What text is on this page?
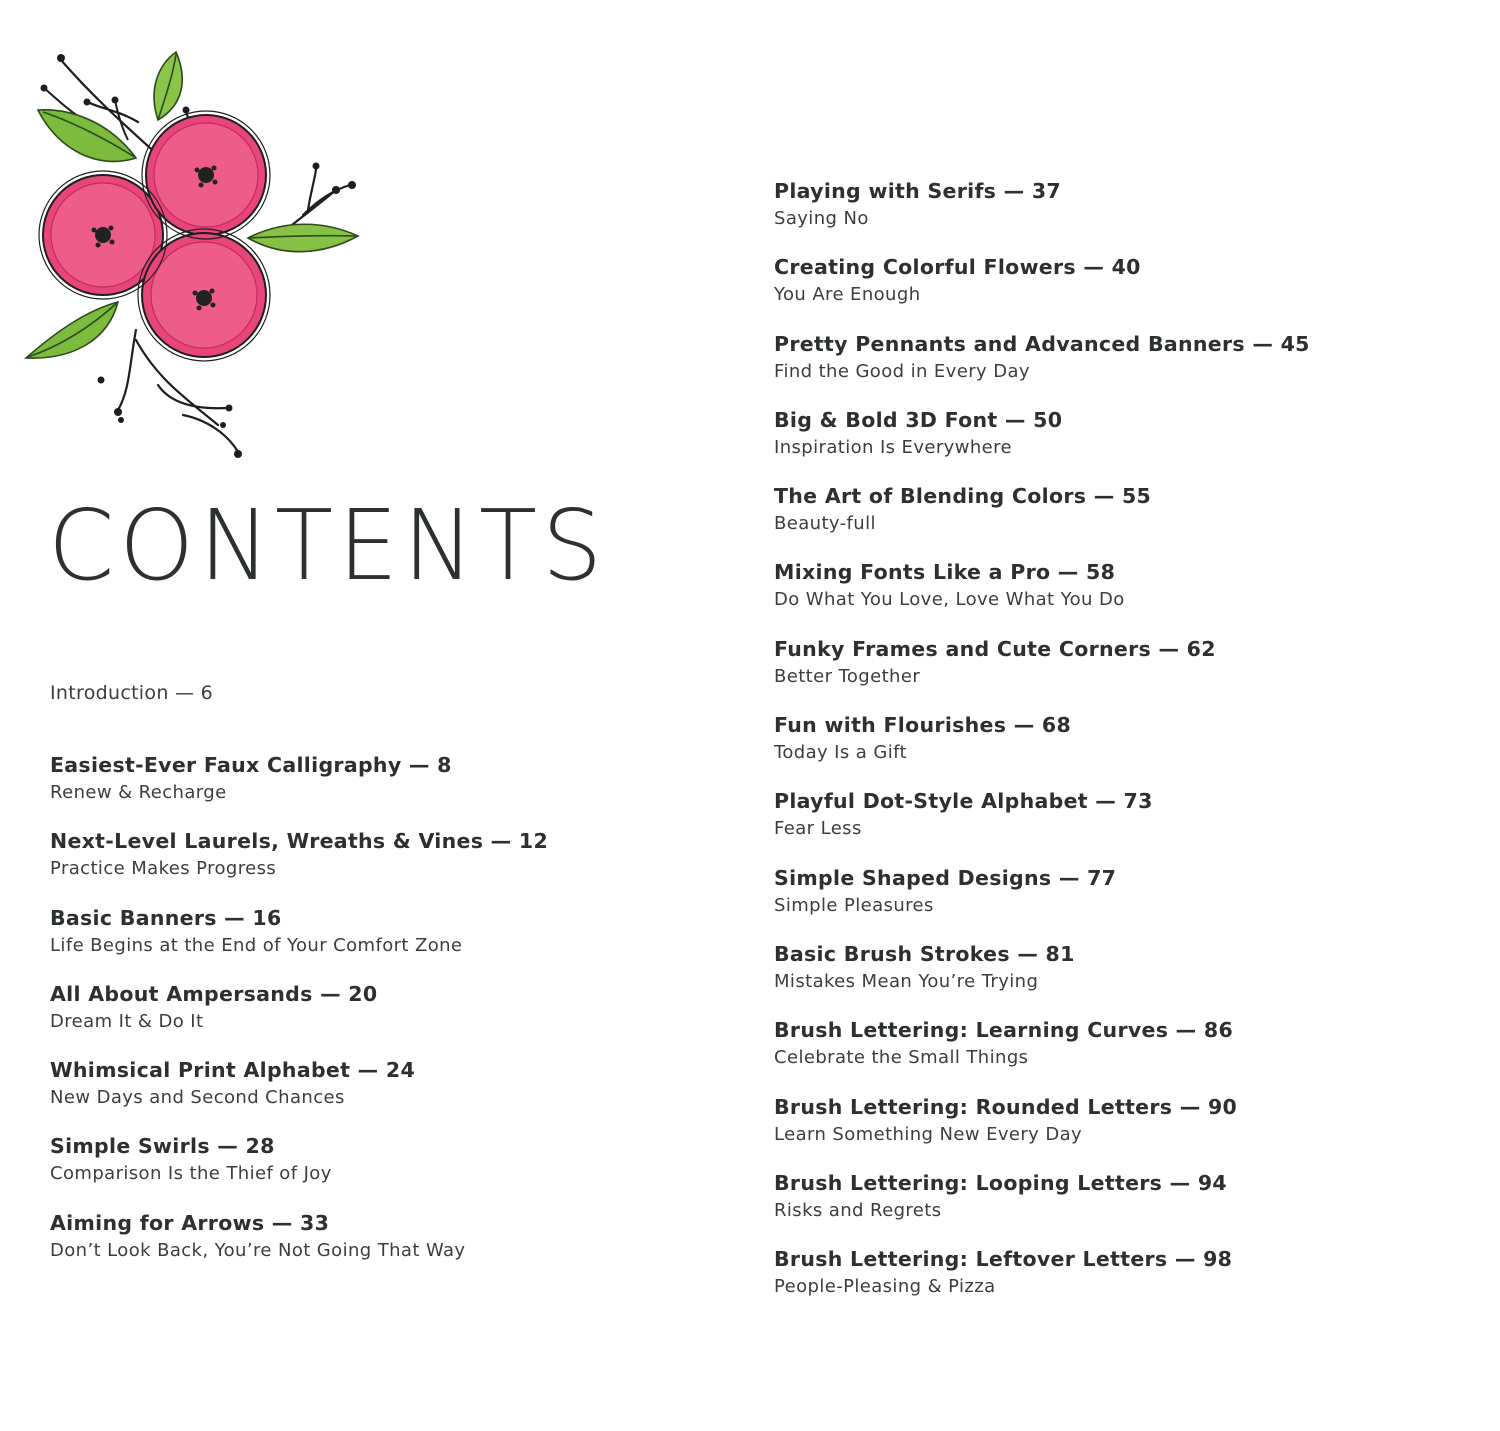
CONTENTS

Introduction — 6

Easiest-Ever Faux Calligraphy — 8
Renew & Recharge
Next-Level Laurels, Wreaths & Vines — 12
Practice Makes Progress
Basic Banners — 16
Life Begins at the End of Your Comfort Zone
All About Ampersands — 20
Dream It & Do It
Whimsical Print Alphabet — 24
New Days and Second Chances
Simple Swirls — 28
Comparison Is the Thief of Joy
Aiming for Arrows — 33
Don’t Look Back, You’re Not Going That Way
Playing with Serifs — 37
Saying No
Creating Colorful Flowers — 40
You Are Enough
Pretty Pennants and Advanced Banners — 45
Find the Good in Every Day
Big & Bold 3D Font — 50
Inspiration Is Everywhere
The Art of Blending Colors — 55
Beauty-full
Mixing Fonts Like a Pro — 58
Do What You Love, Love What You Do
Funky Frames and Cute Corners — 62
Better Together
Fun with Flourishes — 68
Today Is a Gift
Playful Dot-Style Alphabet — 73
Fear Less
Simple Shaped Designs — 77
Simple Pleasures
Basic Brush Strokes — 81
Mistakes Mean You’re Trying
Brush Lettering: Learning Curves — 86
Celebrate the Small Things
Brush Lettering: Rounded Letters — 90
Learn Something New Every Day
Brush Lettering: Looping Letters — 94
Risks and Regrets
Brush Lettering: Leftover Letters — 98
People-Pleasing & Pizza
